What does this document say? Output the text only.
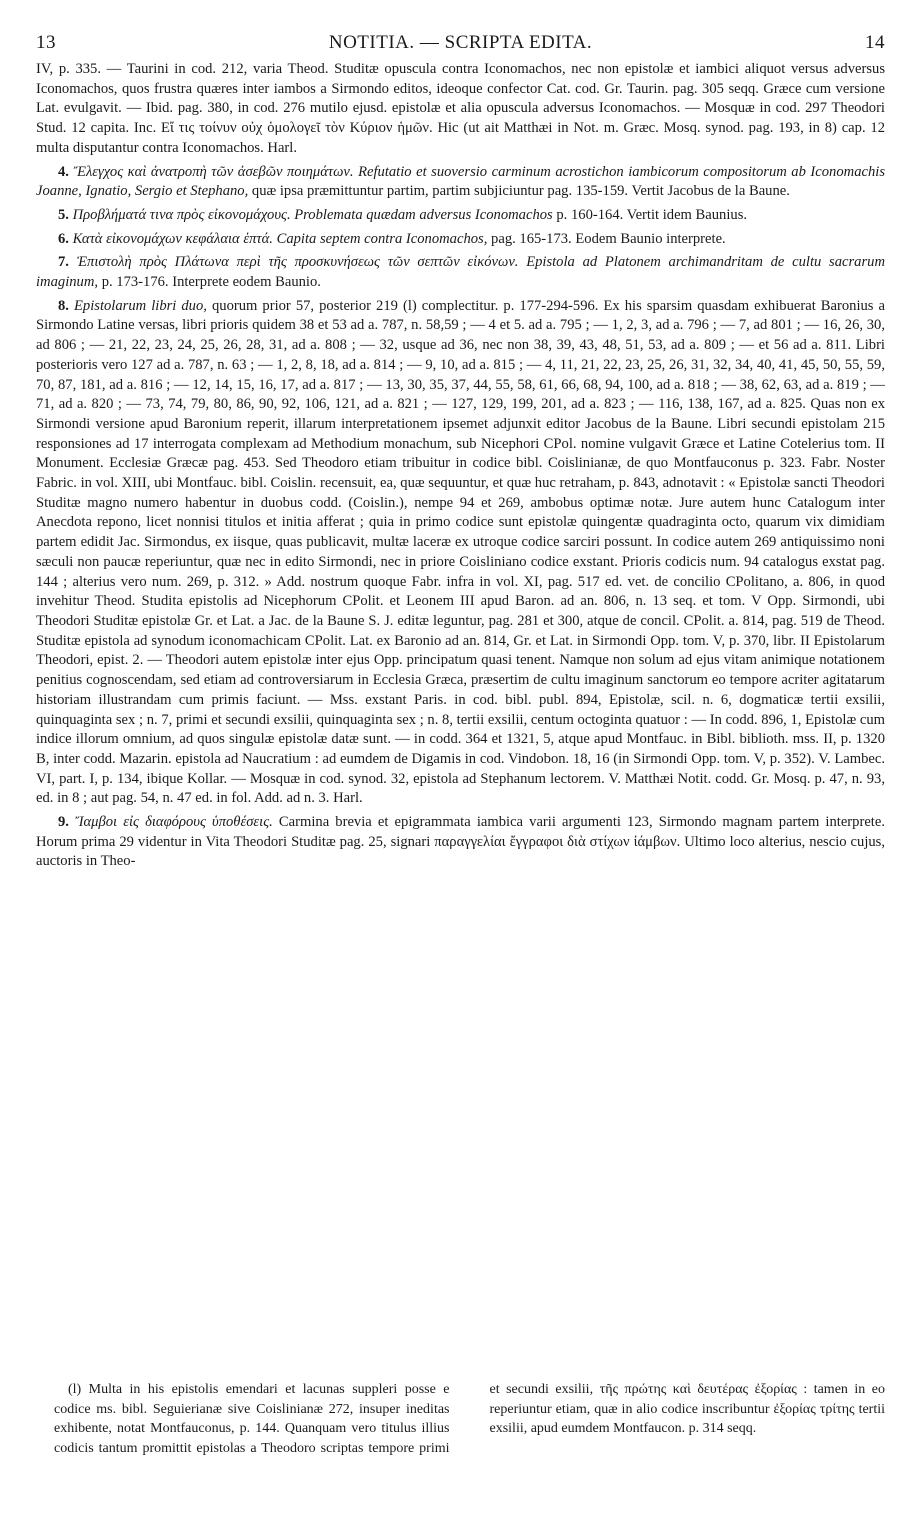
13	NOTITIA. — SCRIPTA EDITA.	14

IV, p. 335. — Taurini in cod. 212, varia Theod. Studitæ opuscula contra Iconomachos, nec non epistolæ et iambici aliquot versus adversus Iconomachos, quos frustra quæres inter iambos a Sirmondo editos, ideoque confector Cat. cod. Gr. Taurin. pag. 305 seqq. Græce cum versione Lat. evulgavit. — Ibid. pag. 380, in cod. 276 mutilo ejusd. epistolæ et alia opuscula adversus Iconomachos. — Mosquæ in cod. 297 Theodori Stud. 12 capita. Inc. Εἴ τις τοίνυν οὐχ ὁμολογεῖ τὸν Κύριον ἡμῶν. Hic (ut ait Matthæi in Not. m. Græc. Mosq. synod. pag. 193, in 8) cap. 12 multa disputantur contra Iconomachos. Harl.

4. Ἔλεγχος καὶ ἀνατροπὴ τῶν ἀσεβῶν ποιημάτων. Refutatio et suoversio carminum acrostichon iambicorum compositorum ab Iconomachis Joanne, Ignatio, Sergio et Stephano, quæ ipsa præmittuntur partim, partim subjiciuntur pag. 135-159. Vertit Jacobus de la Baune.

5. Προβλήματά τινα πρὸς εἰκονομάχους. Problemata quædam adversus Iconomachos p. 160-164. Vertit idem Baunius.

6. Κατὰ εἰκονομάχων κεφάλαια ἑπτά. Capita septem contra Iconomachos, pag. 165-173. Eodem Baunio interprete.

7. Ἐπιστολὴ πρὸς Πλάτωνα περὶ τῆς προσκυνήσεως τῶν σεπτῶν εἰκόνων. Epistola ad Platonem archimandritam de cultu sacrarum imaginum, p. 173-176. Interprete eodem Baunio.

8. Epistolarum libri duo, quorum prior 57, posterior 219 (l) complectitur. p. 177-294-596. Ex his sparsim quasdam exhibuerat Baronius a Sirmondo Latine versas, libri prioris quidem 38 et 53 ad a. 787, n. 58,59 ; — 4 et 5. ad a. 795 ; — 1, 2, 3, ad a. 796 ; — 7, ad 801 ; — 16, 26, 30, ad 806 ; — 21, 22, 23, 24, 25, 26, 28, 31, ad a. 808 ; — 32, usque ad 36, nec non 38, 39, 43, 48, 51, 53, ad a. 809 ; — et 56 ad a. 811. Libri posterioris vero 127 ad a. 787, n. 63 ; — 1, 2, 8, 18, ad a. 814 ; — 9, 10, ad a. 815 ; — 4, 11, 21, 22, 23, 25, 26, 31, 32, 34, 40, 41, 45, 50, 55, 59, 70, 87, 181, ad a. 816 ; — 12, 14, 15, 16, 17, ad a. 817 ; — 13, 30, 35, 37, 44, 55, 58, 61, 66, 68, 94, 100, ad a. 818 ; — 38, 62, 63, ad a. 819 ; — 71, ad a. 820 ; — 73, 74, 79, 80, 86, 90, 92, 106, 121, ad a. 821 ; — 127, 129, 199, 201, ad a. 823 ; — 116, 138, 167, ad a. 825. Quas non ex Sirmondi versione apud Baronium reperit, illarum interpretationem ipsemet adjunxit editor Jacobus de la Baune. Libri secundi epistolam 215 responsiones ad 17 interrogata complexam ad Methodium monachum, sub Nicephori CPol. nomine vulgavit Græce et Latine Cotelerius tom. II Monument. Ecclesiæ Græcæ pag. 453. Sed Theodoro etiam tribuitur in codice bibl. Coislinianæ, de quo Montfauconus p. 323. Fabr. Noster Fabric. in vol. XIII, ubi Montfauc. bibl. Coislin. recensuit, ea, quæ sequuntur, et quæ huc retraham, p. 843, adnotavit : « Epistolæ sancti Theodori Studitæ magno numero habentur in duobus codd. (Coislin.), nempe 94 et 269, ambobus optimæ notæ. Jure autem hunc Catalogum inter Anecdota repono, licet nonnisi titulos et initia afferat ; quia in primo codice sunt epistolæ quingentæ quadraginta octo, quarum vix dimidiam partem edidit Jac. Sirmondus, ex iisque, quas publicavit, multæ laceræ ex utroque codice sarciri possunt. In codice autem 269 antiquissimo noni sæculi non paucæ reperiuntur, quæ nec in edito Sirmondi, nec in priore Coisliniano codice exstant. Prioris codicis num. 94 catalogus exstat pag. 144 ; alterius vero num. 269, p. 312. » Add. nostrum quoque Fabr. infra in vol. XI, pag. 517 ed. vet. de concilio CPolitano, a. 806, in quod invehitur Theod. Studita epistolis ad Nicephorum CPolit. et Leonem III apud Baron. ad an. 806, n. 13 seq. et tom. V Opp. Sirmondi, ubi Theodori Studitæ epistolæ Gr. et Lat. a Jac. de la Baune S. J. editæ leguntur, pag. 281 et 300, atque de concil. CPolit. a. 814, pag. 519 de Theod. Studitæ epistola ad synodum iconomachicam CPolit. Lat. ex Baronio ad an. 814, Gr. et Lat. in Sirmondi Opp. tom. V, p. 370, libr. II Epistolarum Theodori, epist. 2. — Theodori autem epistolæ inter ejus Opp. principatum quasi tenent. Namque non solum ad ejus vitam animique notationem penitius cognoscendam, sed etiam ad controversiarum in Ecclesia Græca, præsertim de cultu imaginum sanctorum eo tempore acriter agitatarum historiam illustrandam cum primis faciunt. — Mss. exstant Paris. in cod. bibl. publ. 894, Epistolæ, scil. n. 6, dogmaticæ tertii exsilii, quinquaginta sex ; n. 7, primi et secundi exsilii, quinquaginta sex ; n. 8, tertii exsilii, centum octoginta quatuor : — In codd. 896, 1, Epistolæ cum indice illorum omnium, ad quos singulæ epistolæ datæ sunt. — in codd. 364 et 1321, 5, atque apud Montfauc. in Bibl. biblioth. mss. II, p. 1320 B, inter codd. Mazarin. epistola ad Naucratium : ad eumdem de Digamis in cod. Vindobon. 18, 16 (in Sirmondi Opp. tom. V, p. 352). V. Lambec. VI, part. I, p. 134, ibique Kollar. — Mosquæ in cod. synod. 32, epistola ad Stephanum lectorem. V. Matthæi Notit. codd. Gr. Mosq. p. 47, n. 93, ed. in 8 ; aut pag. 54, n. 47 ed. in fol. Add. ad n. 3. Harl.

9. Ἴαμβοι εἰς διαφόρους ὑποθέσεις. Carmina brevia et epigrammata iambica varii argumenti 123, Sirmondo magnam partem interprete. Horum prima 29 videntur in Vita Theodori Studitæ pag. 25, signari παραγγελίαι ἔγγραφοι διὰ στίχων ἰάμβων. Ultimo loco alterius, nescio cujus, auctoris in Theo-

(l) Multa in his epistolis emendari et lacunas suppleri posse e codice ms. bibl. Seguierianæ sive Coislinianæ 272, insuper ineditas exhibente, notat Montfauconus, p. 144. Quanquam vero titulus illius codicis tantum promittit epistolas a Theodoro scriptas tempore primi et secundi exsilii, τῆς πρώτης καὶ δευτέρας ἐξορίας : tamen in eo reperiuntur etiam, quæ in alio codice inscribuntur ἐξορίας τρίτης tertii exsilii, apud eumdem Montfaucon. p. 314 seqq.
